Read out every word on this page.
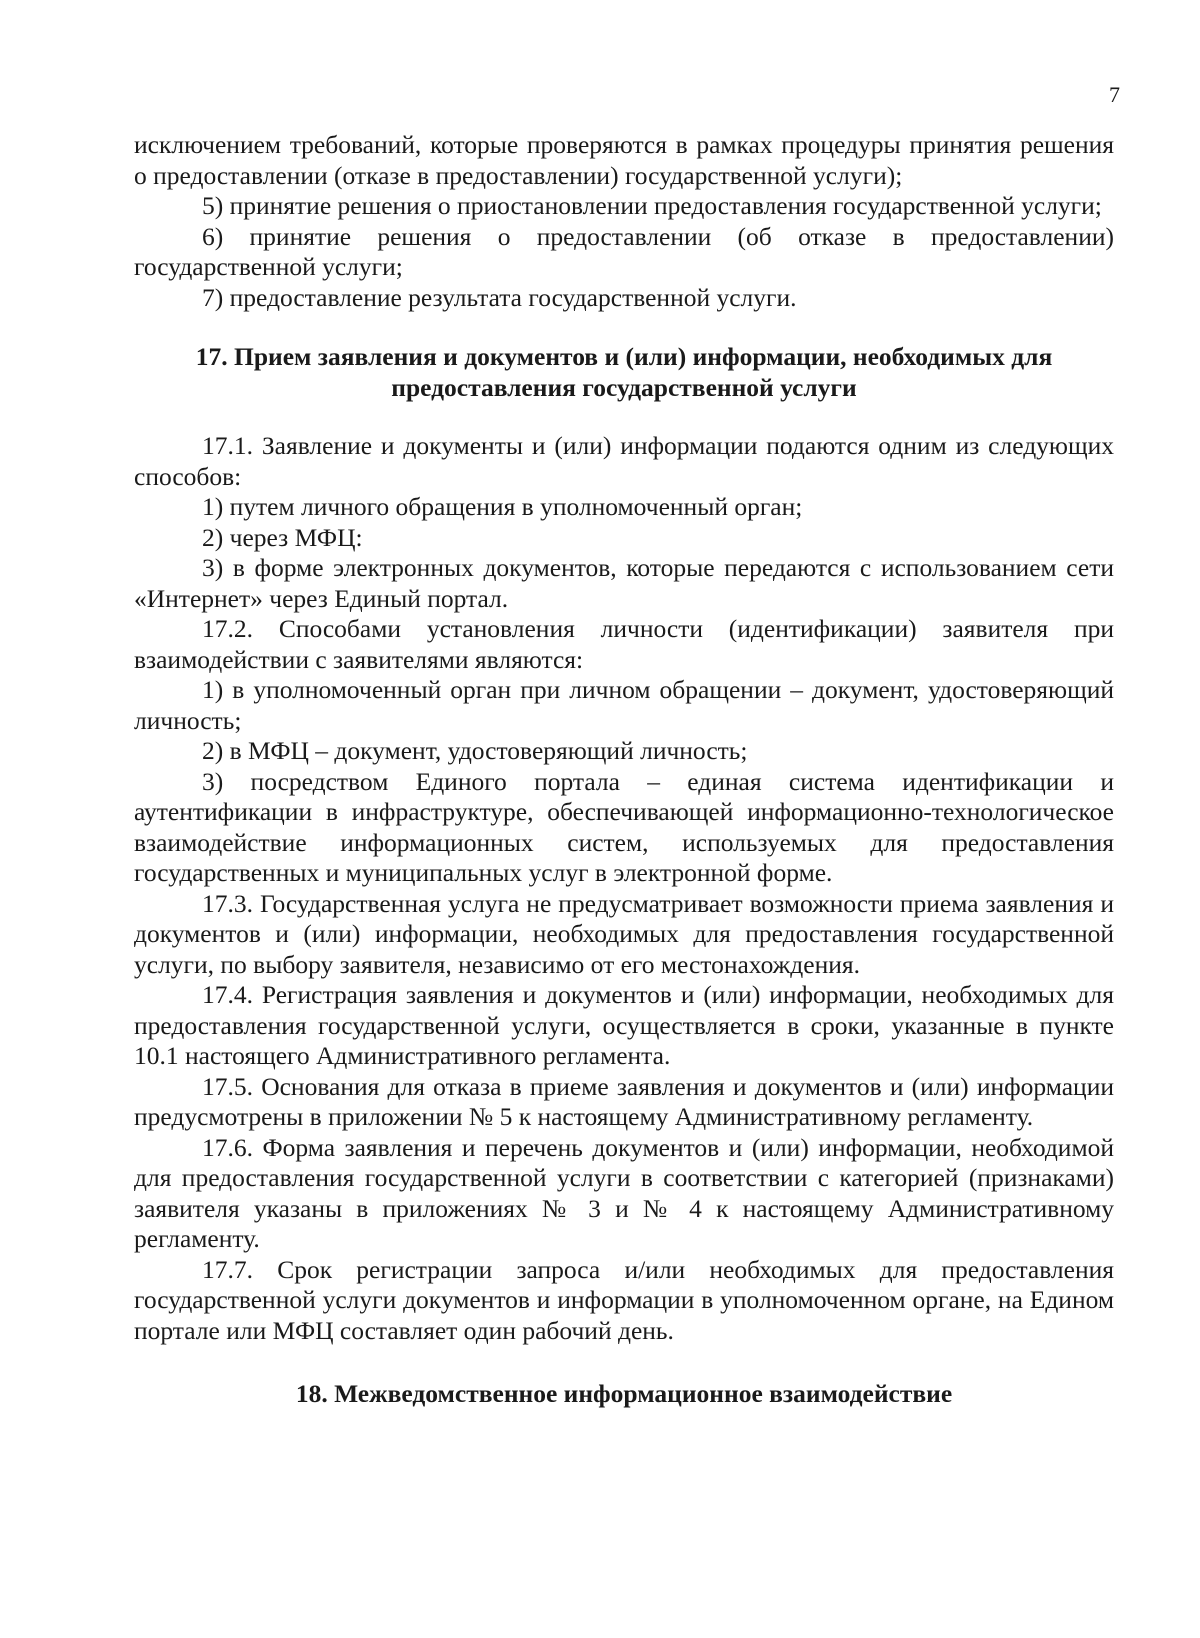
7

исключением требований, которые проверяются в рамках процедуры принятия решения о предоставлении (отказе в предоставлении) государственной услуги);

5) принятие решения о приостановлении предоставления государственной услуги;

6) принятие решения о предоставлении (об отказе в предоставлении) государственной услуги;

7) предоставление результата государственной услуги.

17. Прием заявления и документов и (или) информации, необходимых для предоставления государственной услуги

17.1. Заявление и документы и (или) информации подаются одним из следующих способов:

1) путем личного обращения в уполномоченный орган;

2) через МФЦ:

3) в форме электронных документов, которые передаются с использованием сети «Интернет» через Единый портал.

17.2. Способами установления личности (идентификации) заявителя при взаимодействии с заявителями являются:

1) в уполномоченный орган при личном обращении – документ, удостоверяющий личность;

2) в МФЦ – документ, удостоверяющий личность;

3) посредством Единого портала – единая система идентификации и аутентификации в инфраструктуре, обеспечивающей информационно-технологическое взаимодействие информационных систем, используемых для предоставления государственных и муниципальных услуг в электронной форме.

17.3. Государственная услуга не предусматривает возможности приема заявления и документов и (или) информации, необходимых для предоставления государственной услуги, по выбору заявителя, независимо от его местонахождения.

17.4. Регистрация заявления и документов и (или) информации, необходимых для предоставления государственной услуги, осуществляется в сроки, указанные в пункте 10.1 настоящего Административного регламента.

17.5. Основания для отказа в приеме заявления и документов и (или) информации предусмотрены в приложении № 5 к настоящему Административному регламенту.

17.6. Форма заявления и перечень документов и (или) информации, необходимой для предоставления государственной услуги в соответствии с категорией (признаками) заявителя указаны в приложениях № 3 и № 4 к настоящему Административному регламенту.

17.7. Срок регистрации запроса и/или необходимых для предоставления государственной услуги документов и информации в уполномоченном органе, на Едином портале или МФЦ составляет один рабочий день.

18. Межведомственное информационное взаимодействие
